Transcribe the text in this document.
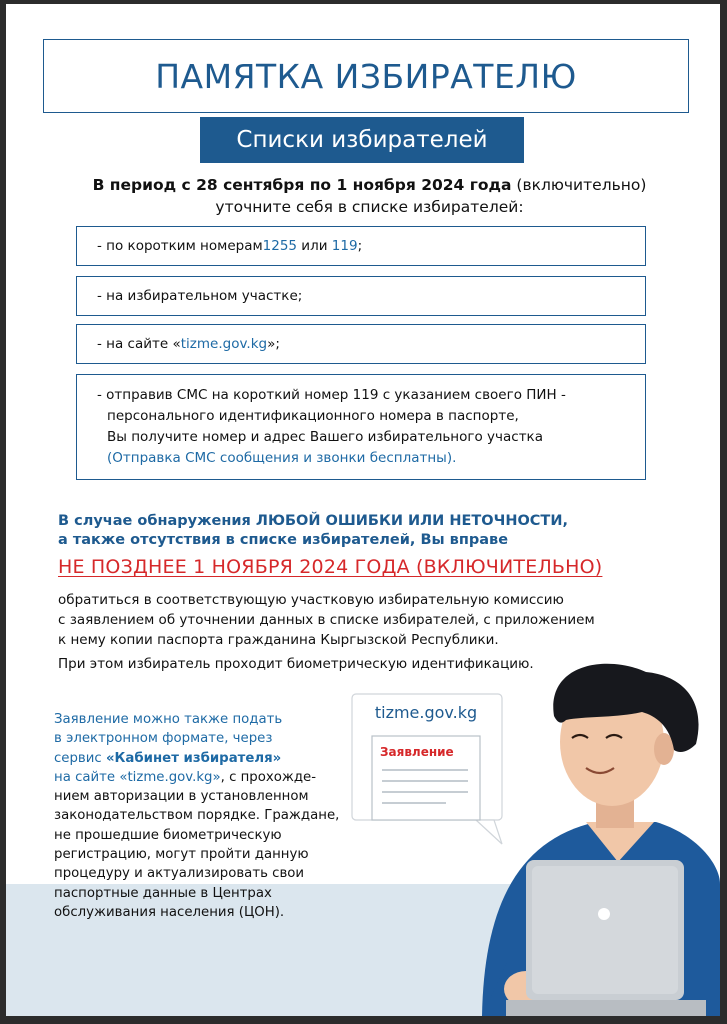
ПАМЯТКА ИЗБИРАТЕЛЮ
Списки избирателей
В период с 28 сентября по 1 ноября 2024 года (включительно)
уточните себя в списке избирателей:
- по коротким номерам 1255 или 119 ;
- на избирательном участке;
- на сайте « tizme.gov.kg »;
- отправив СМС на короткий номер 119 с указанием своего ПИН -
персонального идентификационного номера в паспорте,
Вы получите номер и адрес Вашего избирательного участка
(Отправка СМС сообщения и звонки бесплатны).
В случае обнаружения ЛЮБОЙ ОШИБКИ ИЛИ НЕТОЧНОСТИ,
а также отсутствия в списке избирателей, Вы вправе
НЕ ПОЗДНЕЕ 1 НОЯБРЯ 2024 ГОДА (ВКЛЮЧИТЕЛЬНО)
обратиться в соответствующую участковую избирательную комиссию
с заявлением об уточнении данных в списке избирателей, с приложением
к нему копии паспорта гражданина Кыргызской Республики.
При этом избиратель проходит биометрическую идентификацию.
tizme.gov.kg
Заявление
Заявление можно также подать
в электронном формате, через
сервис «Кабинет избирателя»
на сайте «tizme.gov.kg», с прохожде-
нием авторизации в установленном
законодательством порядке. Граждане,
не прошедшие биометрическую
регистрацию, могут пройти данную
процедуру и актуализировать свои
паспортные данные в Центрах
обслуживания населения (ЦОН).
